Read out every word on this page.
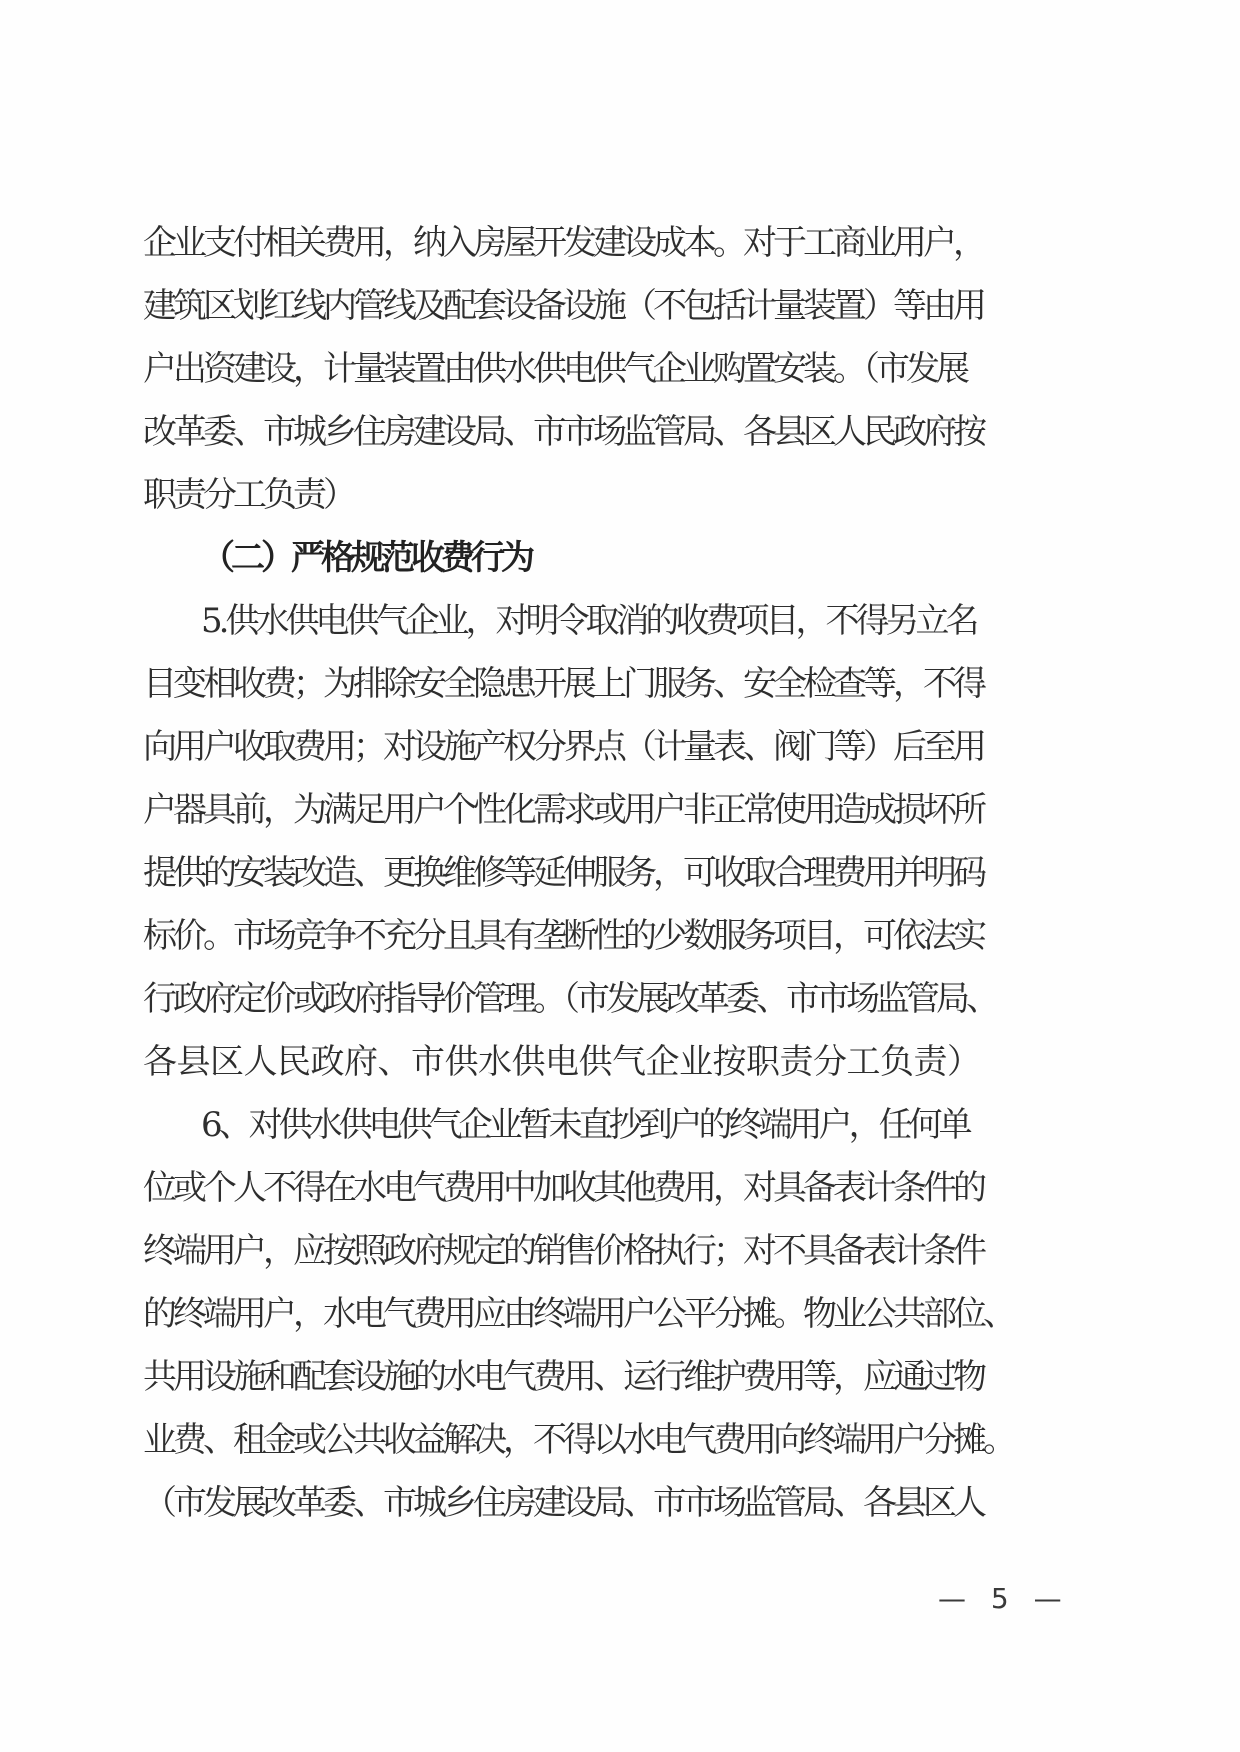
企业支付相关费用，纳入房屋开发建设成本。对于工商业用户，
建筑区划红线内管线及配套设备设施（不包括计量装置）等由用
户出资建设，计量装置由供水供电供气企业购置安装。（市发展
改革委、市城乡住房建设局、市市场监管局、各县区人民政府按
职责分工负责）
（二）严格规范收费行为
5.供水供电供气企业，对明令取消的收费项目，不得另立名
目变相收费；为排除安全隐患开展上门服务、安全检查等，不得
向用户收取费用；对设施产权分界点（计量表、阀门等）后至用
户器具前，为满足用户个性化需求或用户非正常使用造成损坏所
提供的安装改造、更换维修等延伸服务，可收取合理费用并明码
标价。市场竞争不充分且具有垄断性的少数服务项目，可依法实
行政府定价或政府指导价管理。（市发展改革委、市市场监管局、
各县区人民政府、市供水供电供气企业按职责分工负责）
6、对供水供电供气企业暂未直抄到户的终端用户，任何单
位或个人不得在水电气费用中加收其他费用，对具备表计条件的
终端用户，应按照政府规定的销售价格执行；对不具备表计条件
的终端用户，水电气费用应由终端用户公平分摊。物业公共部位、
共用设施和配套设施的水电气费用、运行维护费用等，应通过物
业费、租金或公共收益解决，不得以水电气费用向终端用户分摊。
（市发展改革委、市城乡住房建设局、市市场监管局、各县区人
— 5 —
